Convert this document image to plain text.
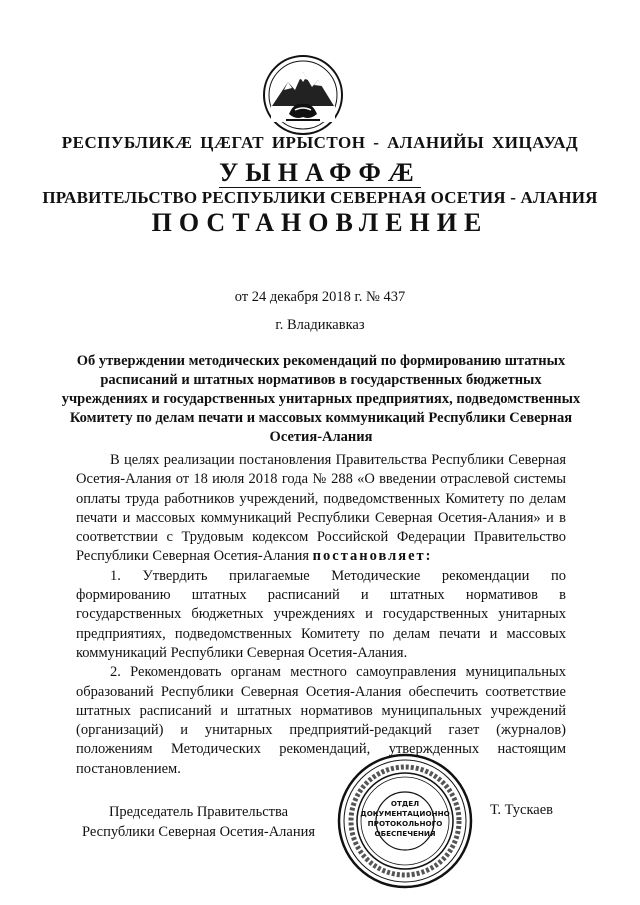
РЕСПУБЛИКӔ ЦӔГАТ ИРЫСТОН - АЛАНИЙЫ ХИЦАУАД
УЫНАФФӔ
ПРАВИТЕЛЬСТВО РЕСПУБЛИКИ СЕВЕРНАЯ ОСЕТИЯ - АЛАНИЯ
ПОСТАНОВЛЕНИЕ
от 24 декабря 2018 г. № 437
г. Владикавказ
Об утверждении методических рекомендаций по формированию штатных расписаний и штатных нормативов в государственных бюджетных учреждениях и государственных унитарных предприятиях, подведомственных Комитету по делам печати и массовых коммуникаций Республики Северная Осетия-Алания

В целях реализации постановления Правительства Республики Северная Осетия-Алания от 18 июля 2018 года № 288 «О введении отраслевой системы оплаты труда работников учреждений, подведомственных Комитету по делам печати и массовых коммуникаций Республики Северная Осетия-Алания» и в соответствии с Трудовым кодексом Российской Федерации Правительство Республики Северная Осетия-Алания постановляет:

1. Утвердить прилагаемые Методические рекомендации по формированию штатных расписаний и штатных нормативов в государственных бюджетных учреждениях и государственных унитарных предприятиях, подведомственных Комитету по делам печати и массовых коммуникаций Республики Северная Осетия-Алания.

2. Рекомендовать органам местного самоуправления муниципальных образований Республики Северная Осетия-Алания обеспечить соответствие штатных расписаний и штатных нормативов муниципальных учреждений (организаций) и унитарных предприятий-редакций газет (журналов) положениям Методических рекомендаций, утвержденных настоящим постановлением.

Председатель Правительства
Республики Северная Осетия-Алания
Т. Тускаев
ОТДЕЛ
ДОКУМЕНТАЦИОННО
ПРОТОКОЛЬНОГО
ОБЕСПЕЧЕНИЯ
